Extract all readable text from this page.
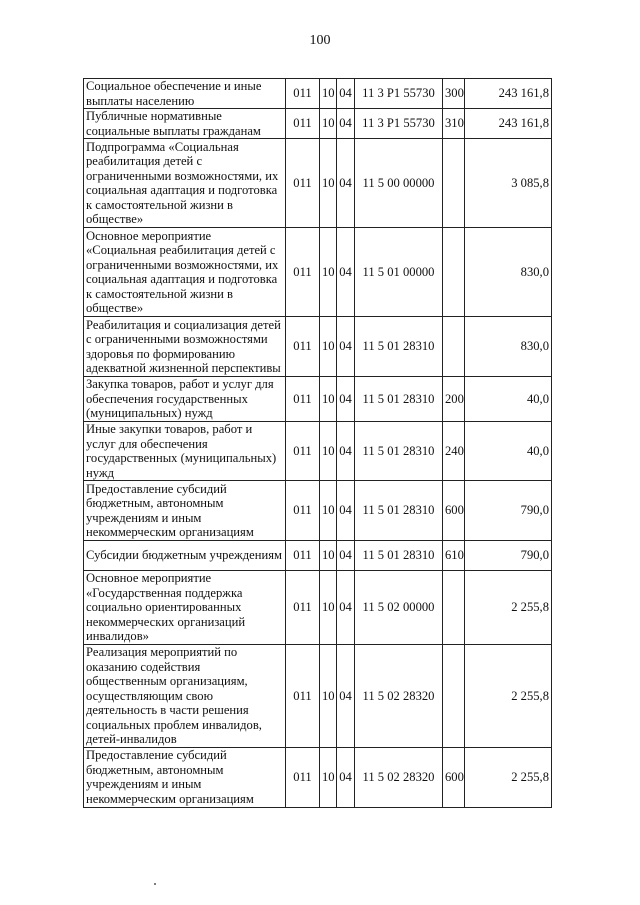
100
Социальное обеспечение и иные выплаты населению	011	10	04	11 3 P1 55730	300	243 161,8
Публичные нормативные социальные выплаты гражданам	011	10	04	11 3 P1 55730	310	243 161,8
Подпрограмма «Социальная реабилитация детей с ограниченными возможностями, их социальная адаптация и подготовка к самостоятельной жизни в обществе»	011	10	04	11 5 00 00000		3 085,8
Основное мероприятие «Социальная реабилитация детей с ограниченными возможностями, их социальная адаптация и подготовка к самостоятельной жизни в обществе»	011	10	04	11 5 01 00000		830,0
Реабилитация и социализация детей с ограниченными возможностями здоровья по формированию адекватной жизненной перспективы	011	10	04	11 5 01 28310		830,0
Закупка товаров, работ и услуг для обеспечения государственных (муниципальных) нужд	011	10	04	11 5 01 28310	200	40,0
Иные закупки товаров, работ и услуг для обеспечения государственных (муниципальных) нужд	011	10	04	11 5 01 28310	240	40,0
Предоставление субсидий бюджетным, автономным учреждениям и иным некоммерческим организациям	011	10	04	11 5 01 28310	600	790,0
Субсидии бюджетным учреждениям	011	10	04	11 5 01 28310	610	790,0
Основное мероприятие «Государственная поддержка социально ориентированных некоммерческих организаций инвалидов»	011	10	04	11 5 02 00000		2 255,8
Реализация мероприятий по оказанию содействия общественным организациям, осуществляющим свою деятельность в части решения социальных проблем инвалидов, детей-инвалидов	011	10	04	11 5 02 28320		2 255,8
Предоставление субсидий бюджетным, автономным учреждениям и иным некоммерческим организациям	011	10	04	11 5 02 28320	600	2 255,8
